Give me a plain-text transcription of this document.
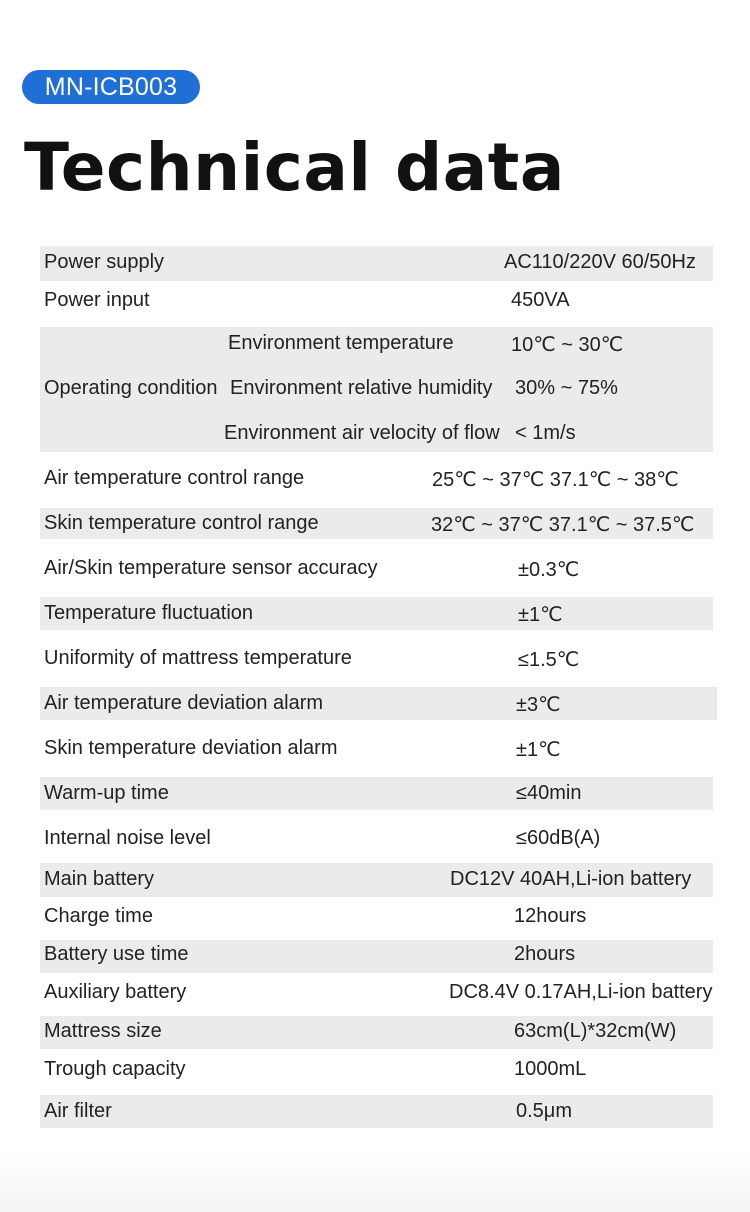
MN-ICB003
Technical data
Power supply	AC110/220V 60/50Hz
Power input	450VA
Operating condition
Environment temperature	10℃ ~ 30℃
Environment relative humidity 30% ~ 75%
Environment air velocity of flow < 1m/s
Air temperature control range	25℃ ~ 37℃ 37.1℃ ~ 38℃
Skin temperature control range	32℃ ~ 37℃ 37.1℃ ~ 37.5℃
Air/Skin temperature sensor accuracy	±0.3℃
Temperature fluctuation	±1℃
Uniformity of mattress temperature	≤1.5℃
Air temperature deviation alarm	±3℃
Skin temperature deviation alarm	±1℃
Warm-up time	≤40min
Internal noise level	≤60dB(A)
Main battery	DC12V 40AH,Li-ion battery
Charge time	12hours
Battery use time	2hours
Auxiliary battery	DC8.4V 0.17AH,Li-ion battery
Mattress size	63cm(L)*32cm(W)
Trough capacity	1000mL
Air filter	0.5μm
